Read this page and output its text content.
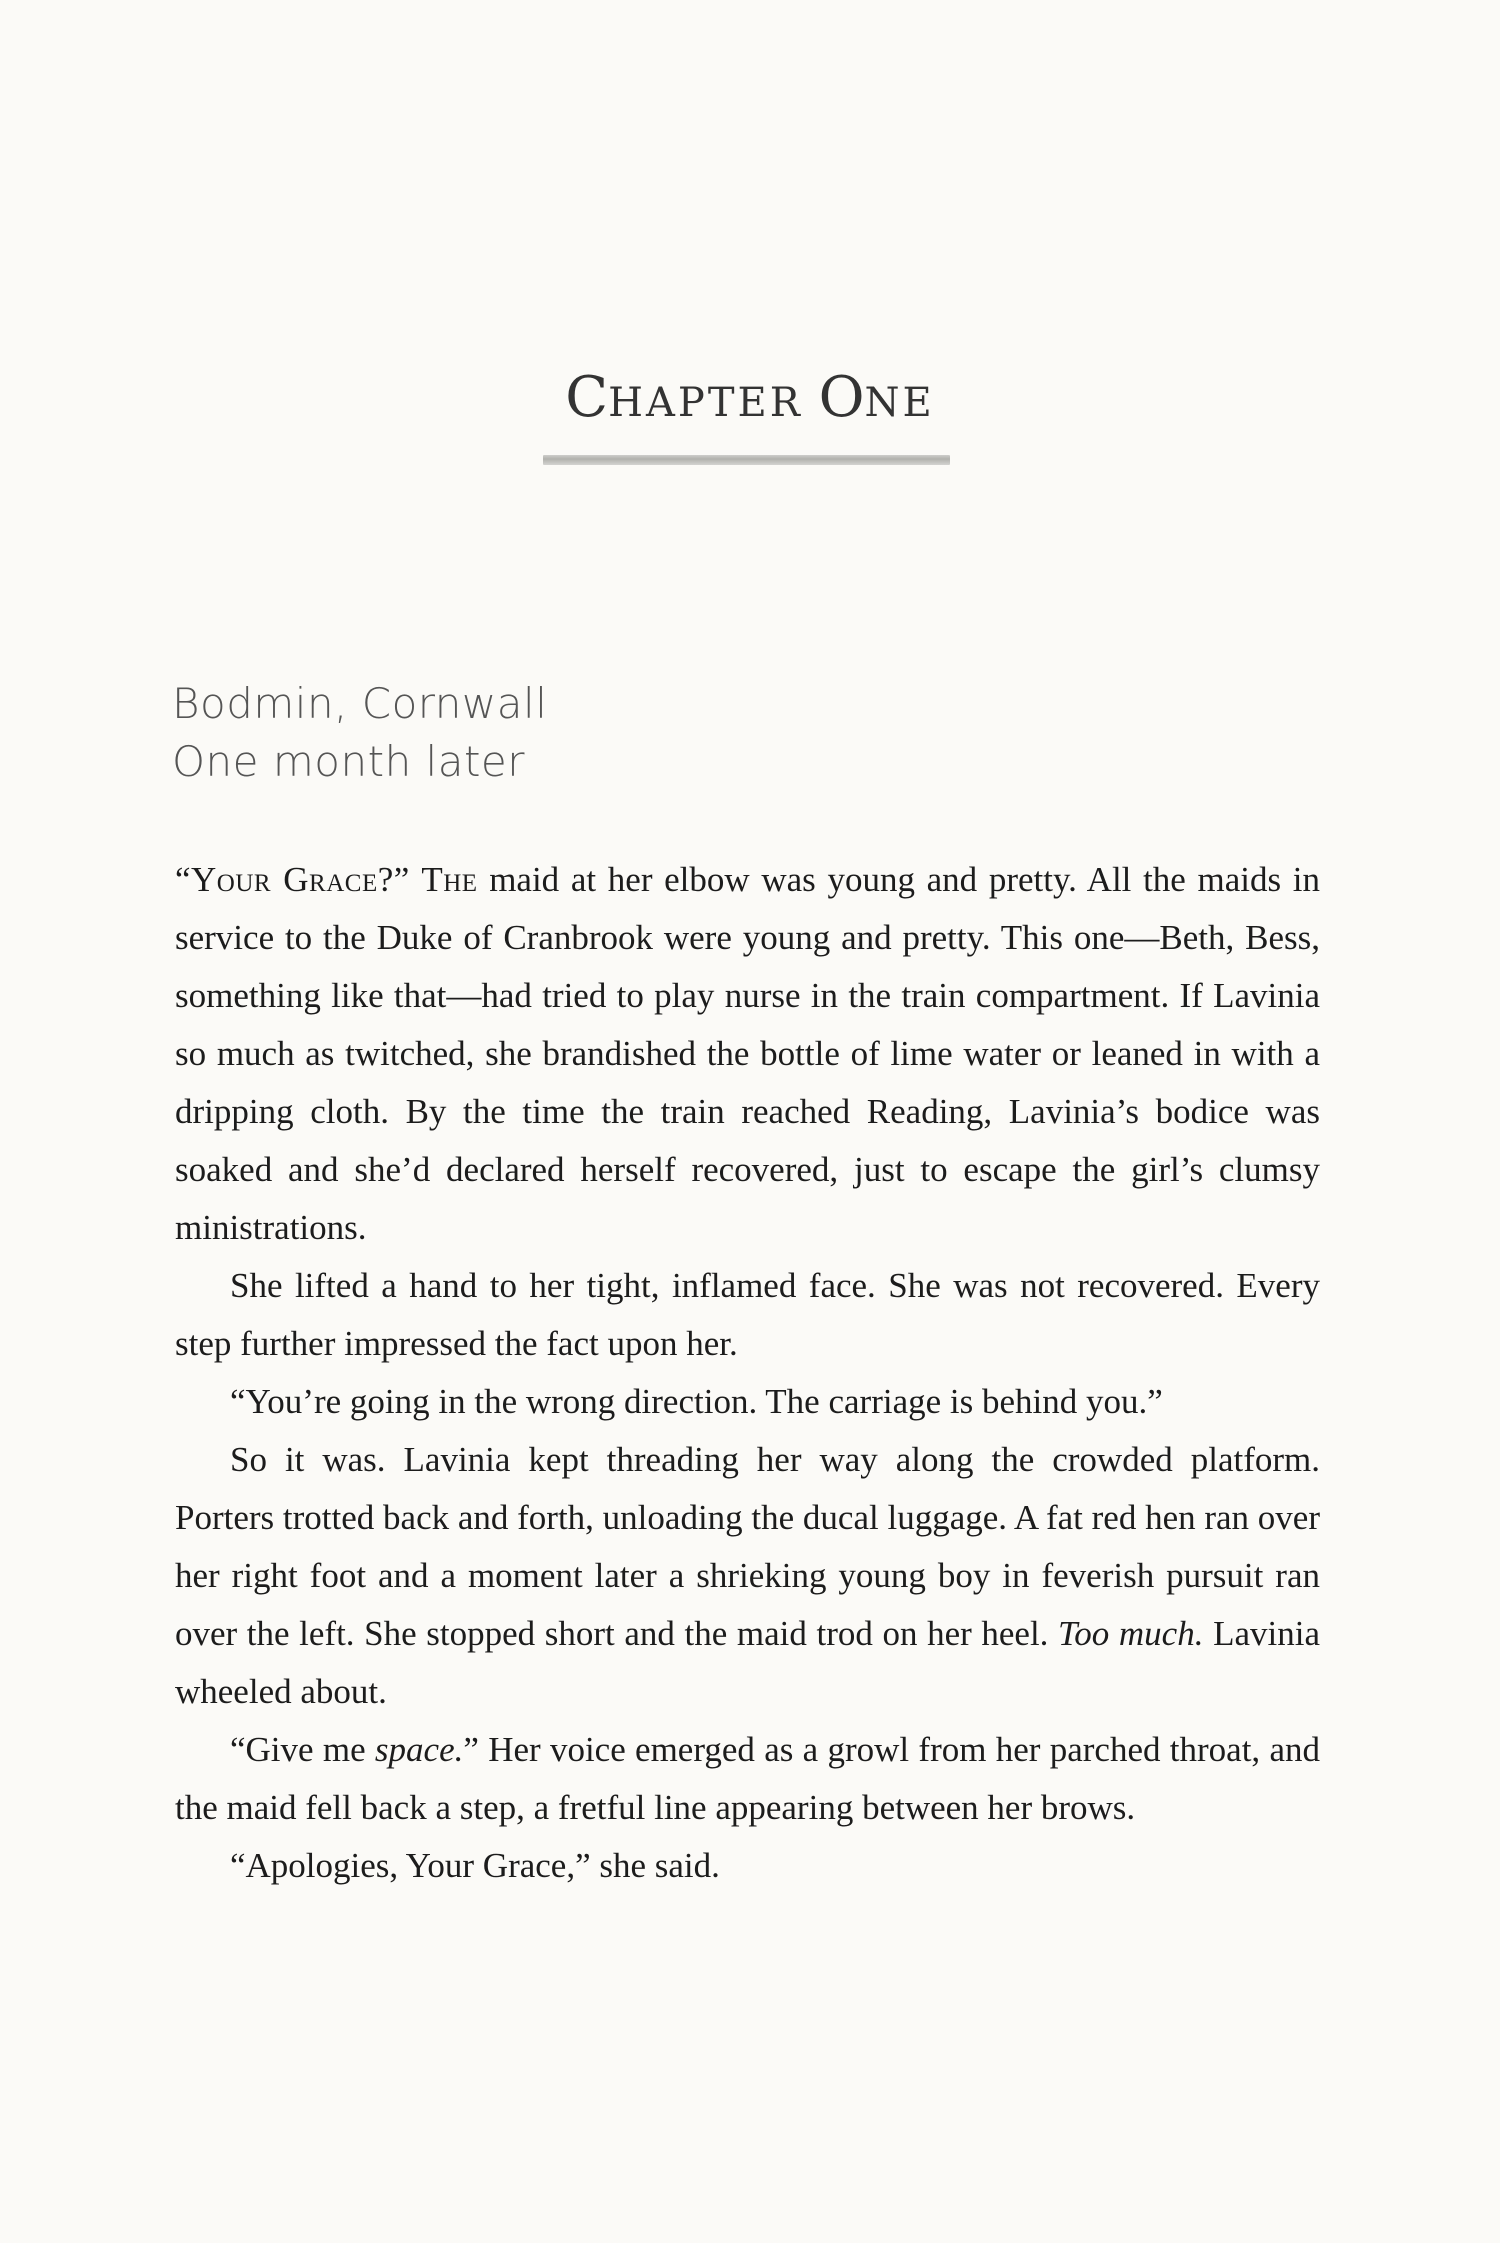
CHAPTER ONE
Bodmin, Cornwall
One month later

“Your Grace?” The maid at her elbow was young and pretty. All the maids in service to the Duke of Cranbrook were young and pretty. This one—Beth, Bess, something like that—had tried to play nurse in the train compartment. If Lavinia so much as twitched, she brandished the bottle of lime water or leaned in with a dripping cloth. By the time the train reached Reading, Lavinia’s bodice was soaked and she’d declared herself recovered, just to escape the girl’s clumsy ministrations.

She lifted a hand to her tight, inflamed face. She was not recovered. Every step further impressed the fact upon her.

“You’re going in the wrong direction. The carriage is behind you.”

So it was. Lavinia kept threading her way along the crowded platform. Porters trotted back and forth, unloading the ducal luggage. A fat red hen ran over her right foot and a moment later a shrieking young boy in feverish pursuit ran over the left. She stopped short and the maid trod on her heel. Too much. Lavinia wheeled about.

“Give me space.” Her voice emerged as a growl from her parched throat, and the maid fell back a step, a fretful line appearing between her brows.

“Apologies, Your Grace,” she said.
